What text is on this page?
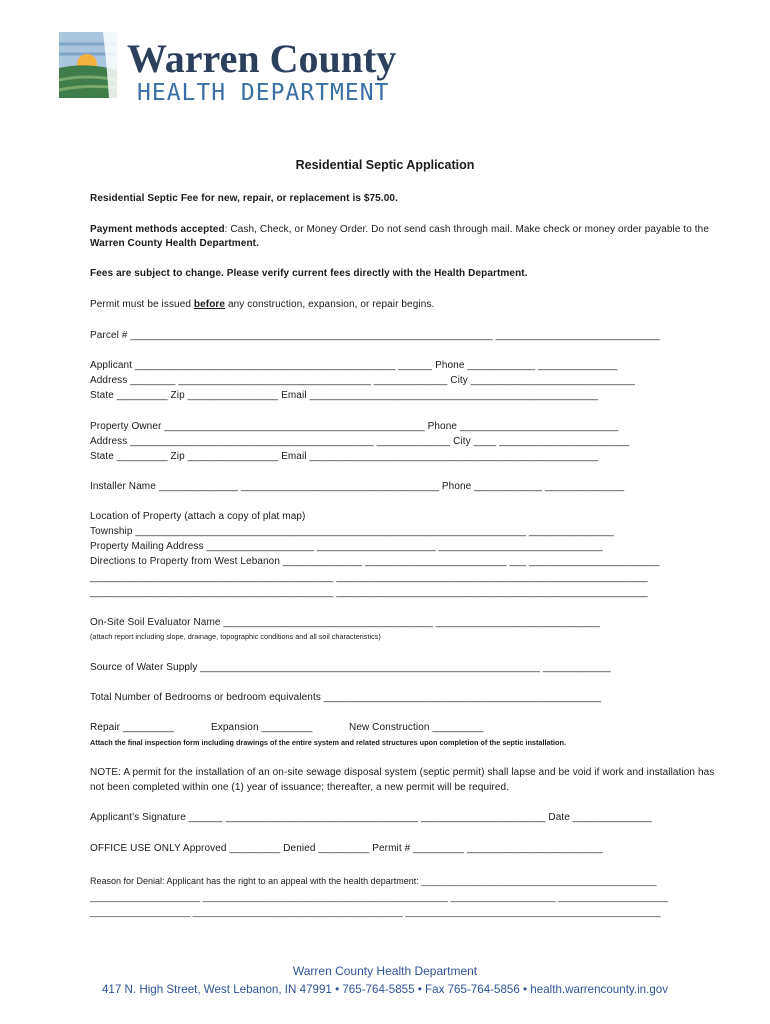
Warren County
HEALTH DEPARTMENT
Residential Septic Application
Residential Septic Fee for new, repair, or replacement is $75.00.
Payment methods accepted: Cash, Check, or Money Order. Do not send cash through mail. Make check or money order payable to the
Warren County Health Department.
Fees are subject to change. Please verify current fees directly with the Health Department.
Permit must be issued before any construction, expansion, or repair begins.
Parcel # ________________________________________________________________ _____________________________
Applicant ______________________________________________ ______ Phone ____________ ______________
Address ________ __________________________________ _____________ City _____________________________
State _________ Zip ________________ Email ___________________________________________________
Property Owner ______________________________________________ Phone ____________________________
Address ___________________________________________ _____________ City ____ _______________________
State _________ Zip ________________ Email ___________________________________________________
Installer Name ______________ ___________________________________ Phone ____________ ______________
Location of Property (attach a copy of plat map)
Township _____________________________________________________________________ _______________
Property Mailing Address ___________________ _____________________ _____________________________
Directions to Property from West Lebanon ______________ _________________________ ___ _______________________
___________________________________________ _______________________________________________________
___________________________________________ _______________________________________________________
On-Site Soil Evaluator Name _____________________________________ _____________________________
(attach report including slope, drainage, topographic conditions and all soil characteristics)
Source of Water Supply ____________________________________________________________ ____________
Total Number of Bedrooms or bedroom equivalents _________________________________________________
Repair _________	Expansion _________	New Construction _________
Attach the final inspection form including drawings of the entire system and related structures upon completion of the septic installation.
NOTE: A permit for the installation of an on-site sewage disposal system (septic permit) shall lapse and be void if work and installation has
not been completed within one (1) year of issuance; thereafter, a new permit will be required.
Applicant’s Signature ______ __________________________________ ______________________ Date ______________
OFFICE USE ONLY Approved _________ Denied _________ Permit # _________ ________________________
Reason for Denial: Applicant has the right to an appeal with the health department: _______________________________________________
______________________ _________________________________________________ _____________________ ______________________
____________________ __________________________________________ ___________________________________________________
Warren County Health Department
417 N. High Street, West Lebanon, IN 47991 • 765-764-5855 • Fax 765-764-5856 • health.warrencounty.in.gov
